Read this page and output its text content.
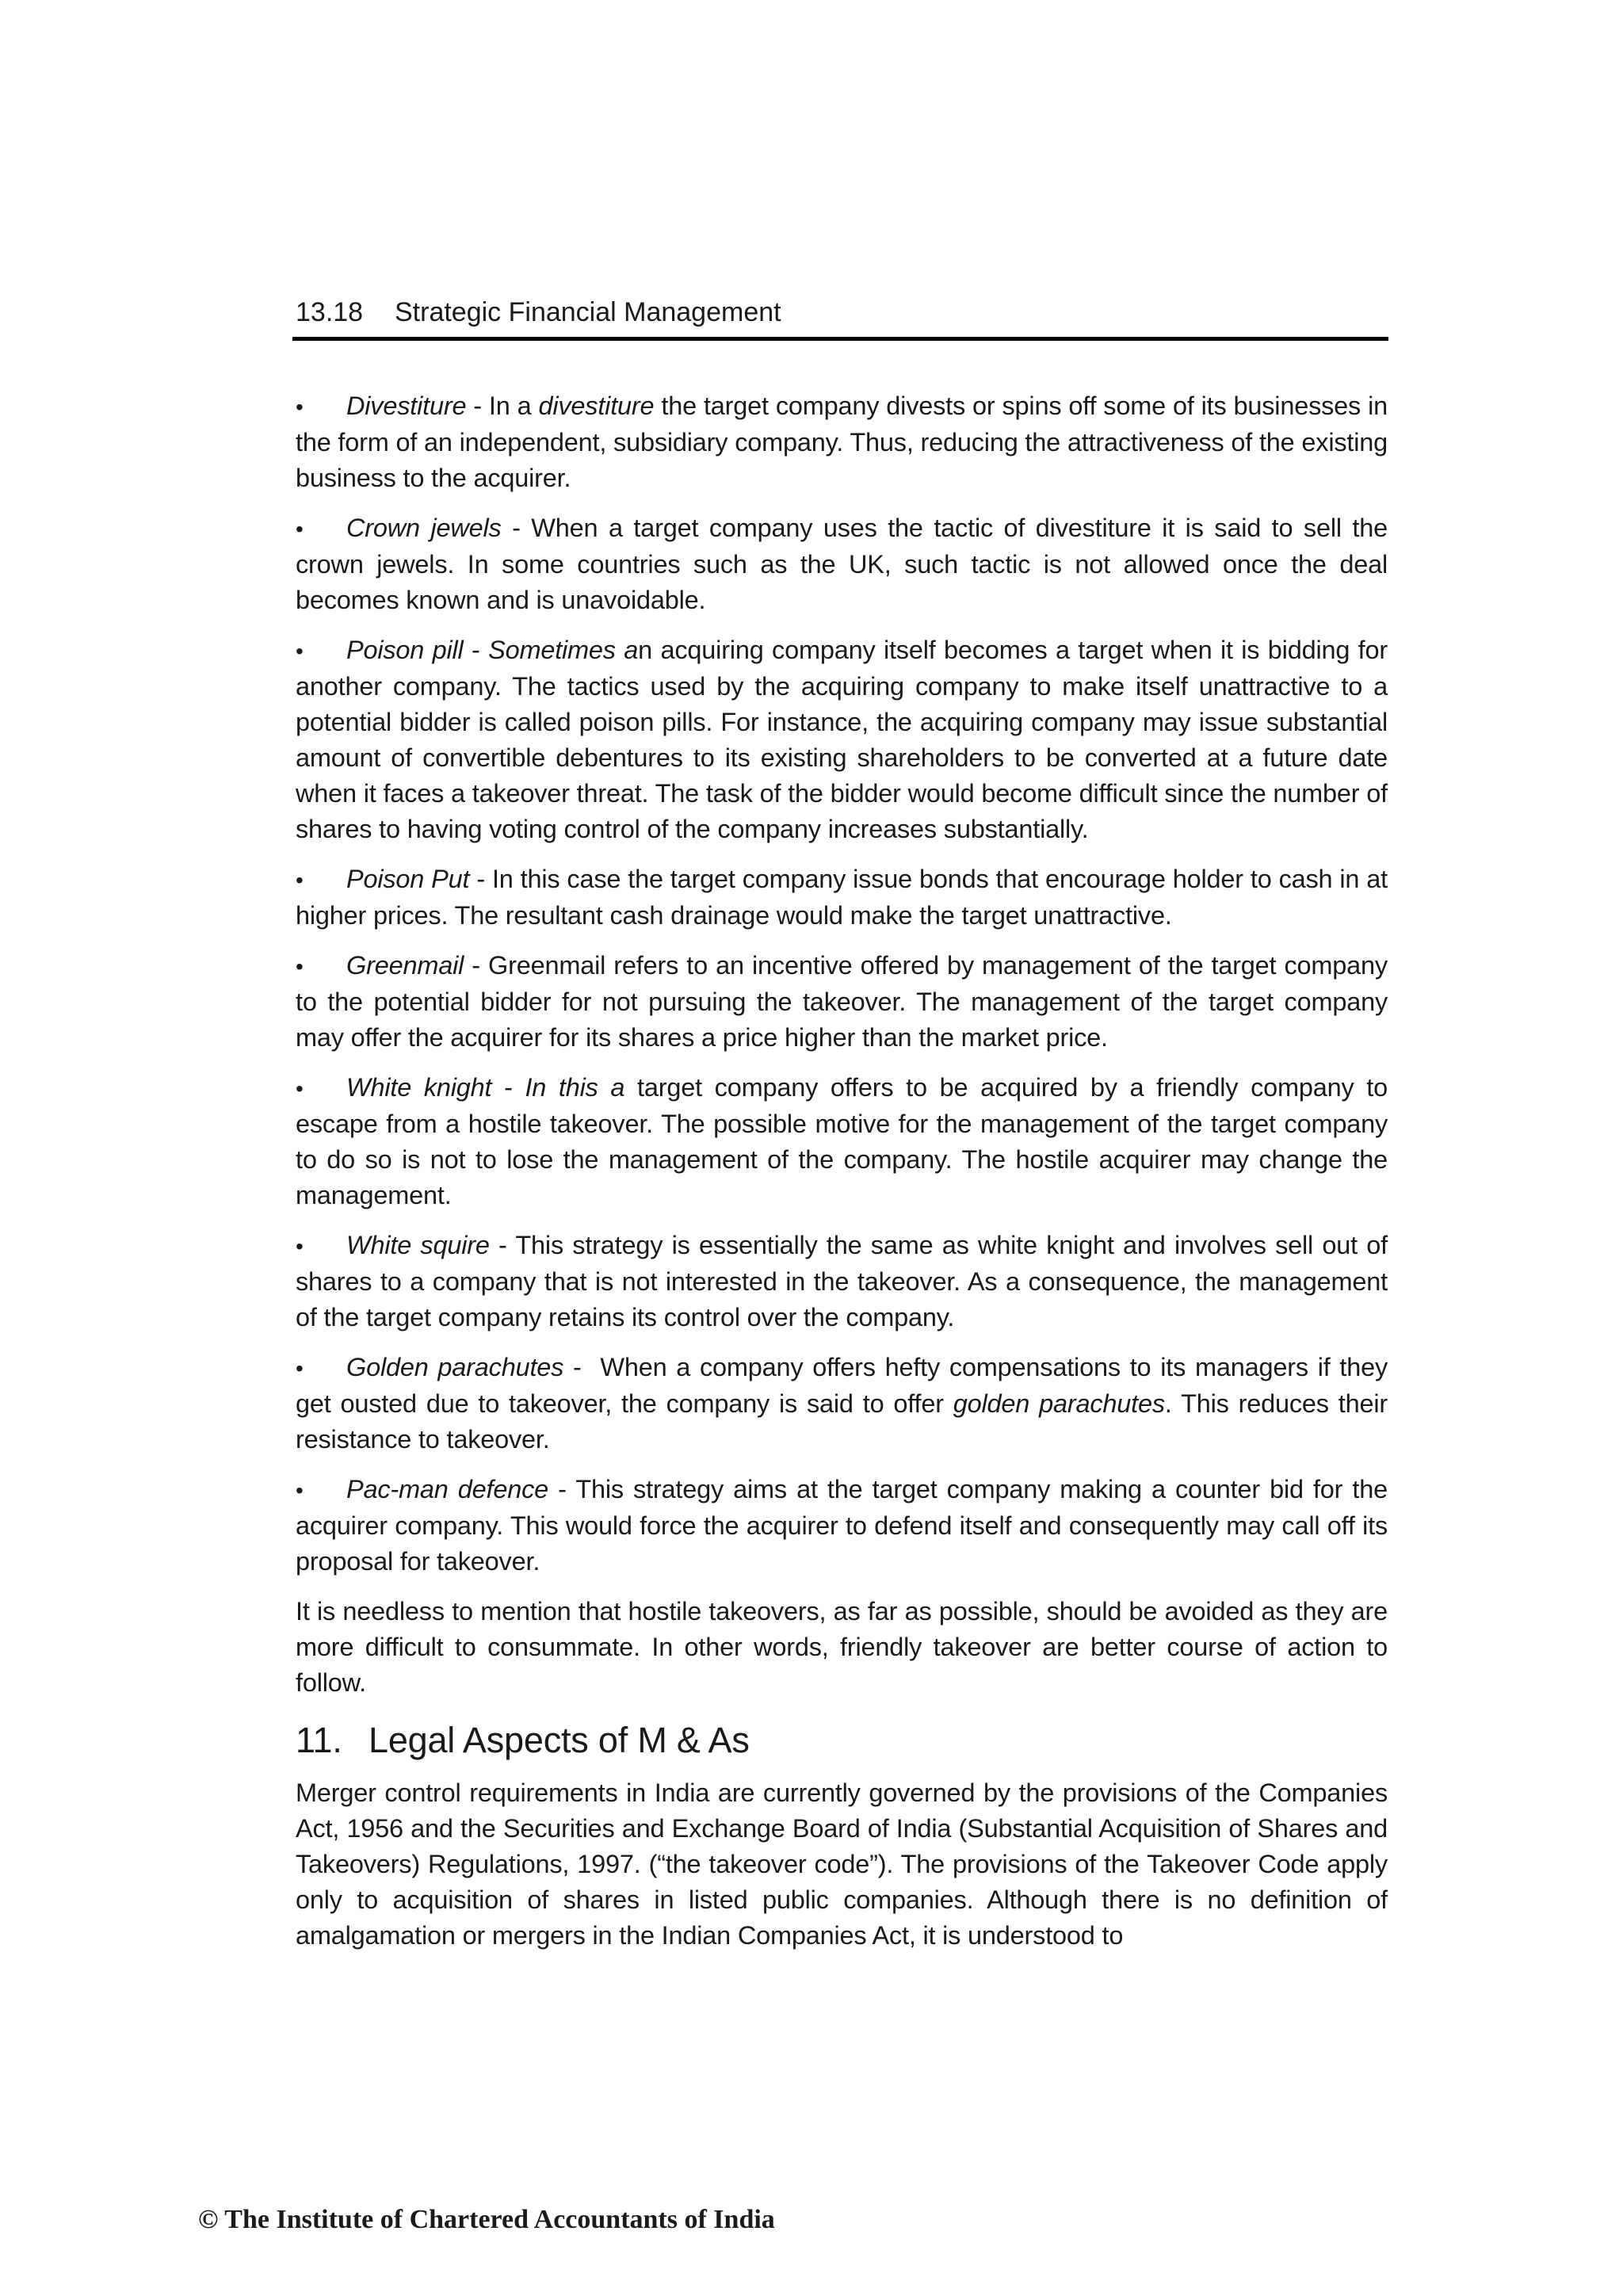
13.18 Strategic Financial Management

• Divestiture - In a divestiture the target company divests or spins off some of its businesses in the form of an independent, subsidiary company. Thus, reducing the attractiveness of the existing business to the acquirer.

• Crown jewels - When a target company uses the tactic of divestiture it is said to sell the crown jewels. In some countries such as the UK, such tactic is not allowed once the deal becomes known and is unavoidable.

• Poison pill - Sometimes an acquiring company itself becomes a target when it is bidding for another company. The tactics used by the acquiring company to make itself unattractive to a potential bidder is called poison pills. For instance, the acquiring company may issue substantial amount of convertible debentures to its existing shareholders to be converted at a future date when it faces a takeover threat. The task of the bidder would become difficult since the number of shares to having voting control of the company increases substantially.

• Poison Put - In this case the target company issue bonds that encourage holder to cash in at higher prices. The resultant cash drainage would make the target unattractive.

• Greenmail - Greenmail refers to an incentive offered by management of the target company to the potential bidder for not pursuing the takeover. The management of the target company may offer the acquirer for its shares a price higher than the market price.

• White knight - In this a target company offers to be acquired by a friendly company to escape from a hostile takeover. The possible motive for the management of the target company to do so is not to lose the management of the company. The hostile acquirer may change the management.

• White squire - This strategy is essentially the same as white knight and involves sell out of shares to a company that is not interested in the takeover. As a consequence, the management of the target company retains its control over the company.

• Golden parachutes -  When a company offers hefty compensations to its managers if they get ousted due to takeover, the company is said to offer golden parachutes. This reduces their resistance to takeover.

• Pac-man defence - This strategy aims at the target company making a counter bid for the acquirer company. This would force the acquirer to defend itself and consequently may call off its proposal for takeover.

It is needless to mention that hostile takeovers, as far as possible, should be avoided as they are more difficult to consummate. In other words, friendly takeover are better course of action to follow.

11. Legal Aspects of M & As

Merger control requirements in India are currently governed by the provisions of the Companies Act, 1956 and the Securities and Exchange Board of India (Substantial Acquisition of Shares and Takeovers) Regulations, 1997. (“the takeover code”). The provisions of the Takeover Code apply only to acquisition of shares in listed public companies. Although there is no definition of amalgamation or mergers in the Indian Companies Act, it is understood to

© The Institute of Chartered Accountants of India
